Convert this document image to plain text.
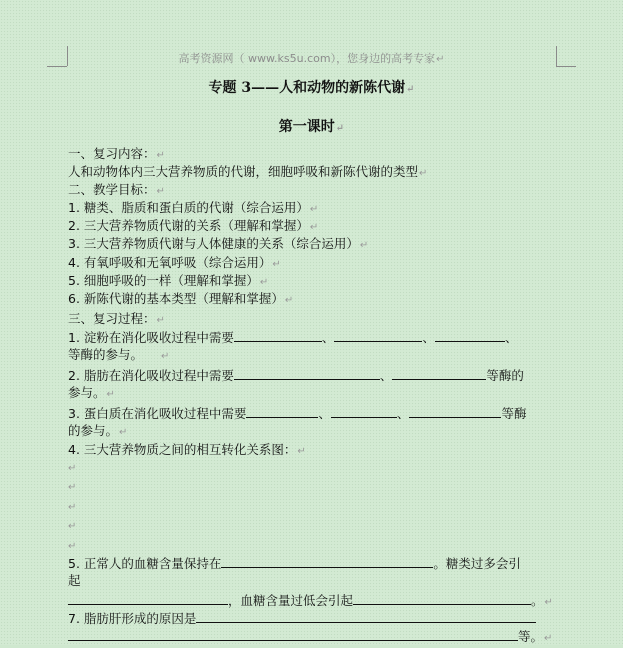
高考资源网（ www.ks5u.com），您身边的高考专家↵
专题 3——人和动物的新陈代谢↵
第一课时↵
一、复习内容：↵
人和动物体内三大营养物质的代谢，细胞呼吸和新陈代谢的类型↵
二、教学目标：↵
1. 糖类、脂质和蛋白质的代谢（综合运用）↵
2. 三大营养物质代谢的关系（理解和掌握）↵
3. 三大营养物质代谢与人体健康的关系（综合运用）↵
4. 有氧呼吸和无氧呼吸（综合运用）↵
5. 细胞呼吸的一样（理解和掌握）↵
6. 新陈代谢的基本类型（理解和掌握）↵
三、复习过程：↵
1. 淀粉在消化吸收过程中需要	、	、	、
等酶的参与。 ↵
2. 脂肪在消化吸收过程中需要	、	等酶的
参与。↵
3. 蛋白质在消化吸收过程中需要	、	、	等酶
的参与。↵
4. 三大营养物质之间的相互转化关系图：↵
↵
↵
↵
↵
↵
5. 正常人的血糖含量保持在	。糖类过多会引
起
，血糖含量过低会引起	。↵
7. 脂肪肝形成的原因是
等。↵
